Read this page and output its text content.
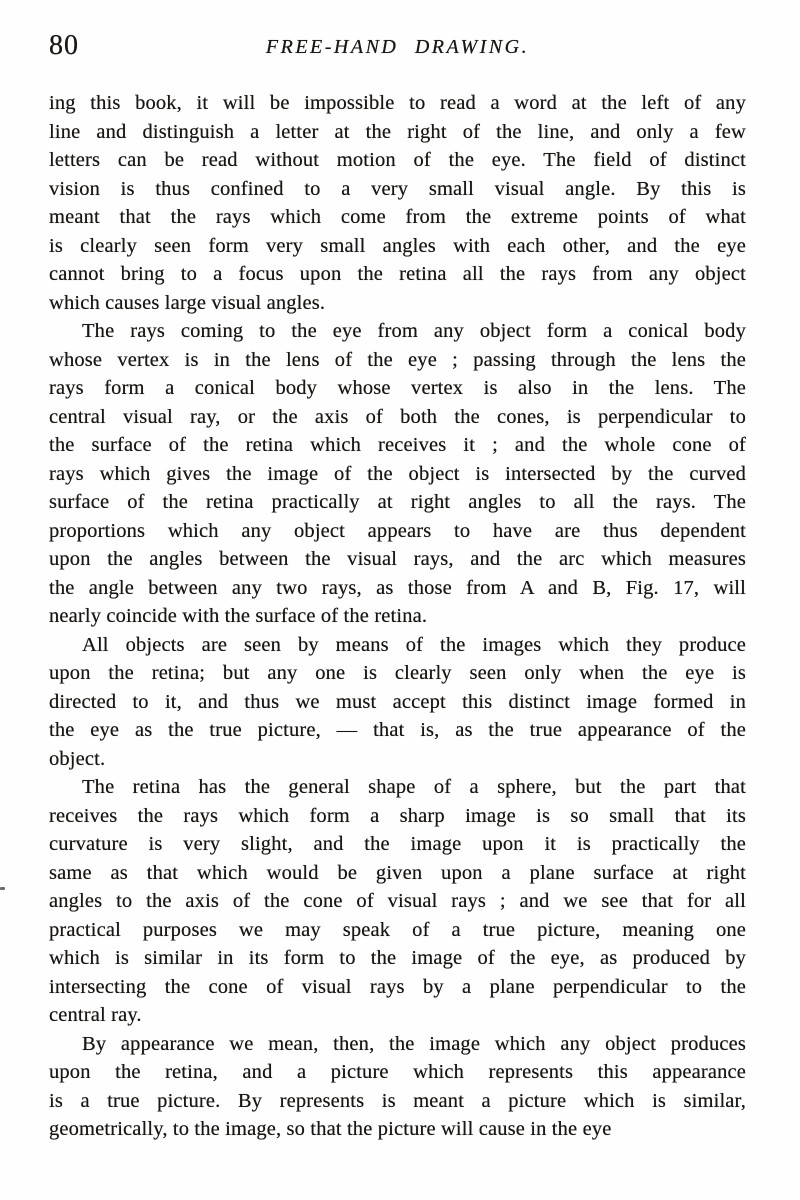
80	FREE-HAND DRAWING.

ing this book, it will be impossible to read a word at the left of any
line and distinguish a letter at the right of the line, and only a few
letters can be read without motion of the eye. The field of distinct
vision is thus confined to a very small visual angle. By this is
meant that the rays which come from the extreme points of what
is clearly seen form very small angles with each other, and the eye
cannot bring to a focus upon the retina all the rays from any object
which causes large visual angles.

The rays coming to the eye from any object form a conical body
whose vertex is in the lens of the eye ; passing through the lens the
rays form a conical body whose vertex is also in the lens. The
central visual ray, or the axis of both the cones, is perpendicular to
the surface of the retina which receives it ; and the whole cone of
rays which gives the image of the object is intersected by the curved
surface of the retina practically at right angles to all the rays. The
proportions which any object appears to have are thus dependent
upon the angles between the visual rays, and the arc which measures
the angle between any two rays, as those from A and B, Fig. 17, will
nearly coincide with the surface of the retina.

All objects are seen by means of the images which they produce
upon the retina; but any one is clearly seen only when the eye is
directed to it, and thus we must accept this distinct image formed in
the eye as the true picture, — that is, as the true appearance of the
object.

The retina has the general shape of a sphere, but the part that
receives the rays which form a sharp image is so small that its
curvature is very slight, and the image upon it is practically the
same as that which would be given upon a plane surface at right
angles to the axis of the cone of visual rays ; and we see that for all
practical purposes we may speak of a true picture, meaning one
which is similar in its form to the image of the eye, as produced by
intersecting the cone of visual rays by a plane perpendicular to the
central ray.

By appearance we mean, then, the image which any object produces
upon the retina, and a picture which represents this appearance
is a true picture. By represents is meant a picture which is similar,
geometrically, to the image, so that the picture will cause in the eye
